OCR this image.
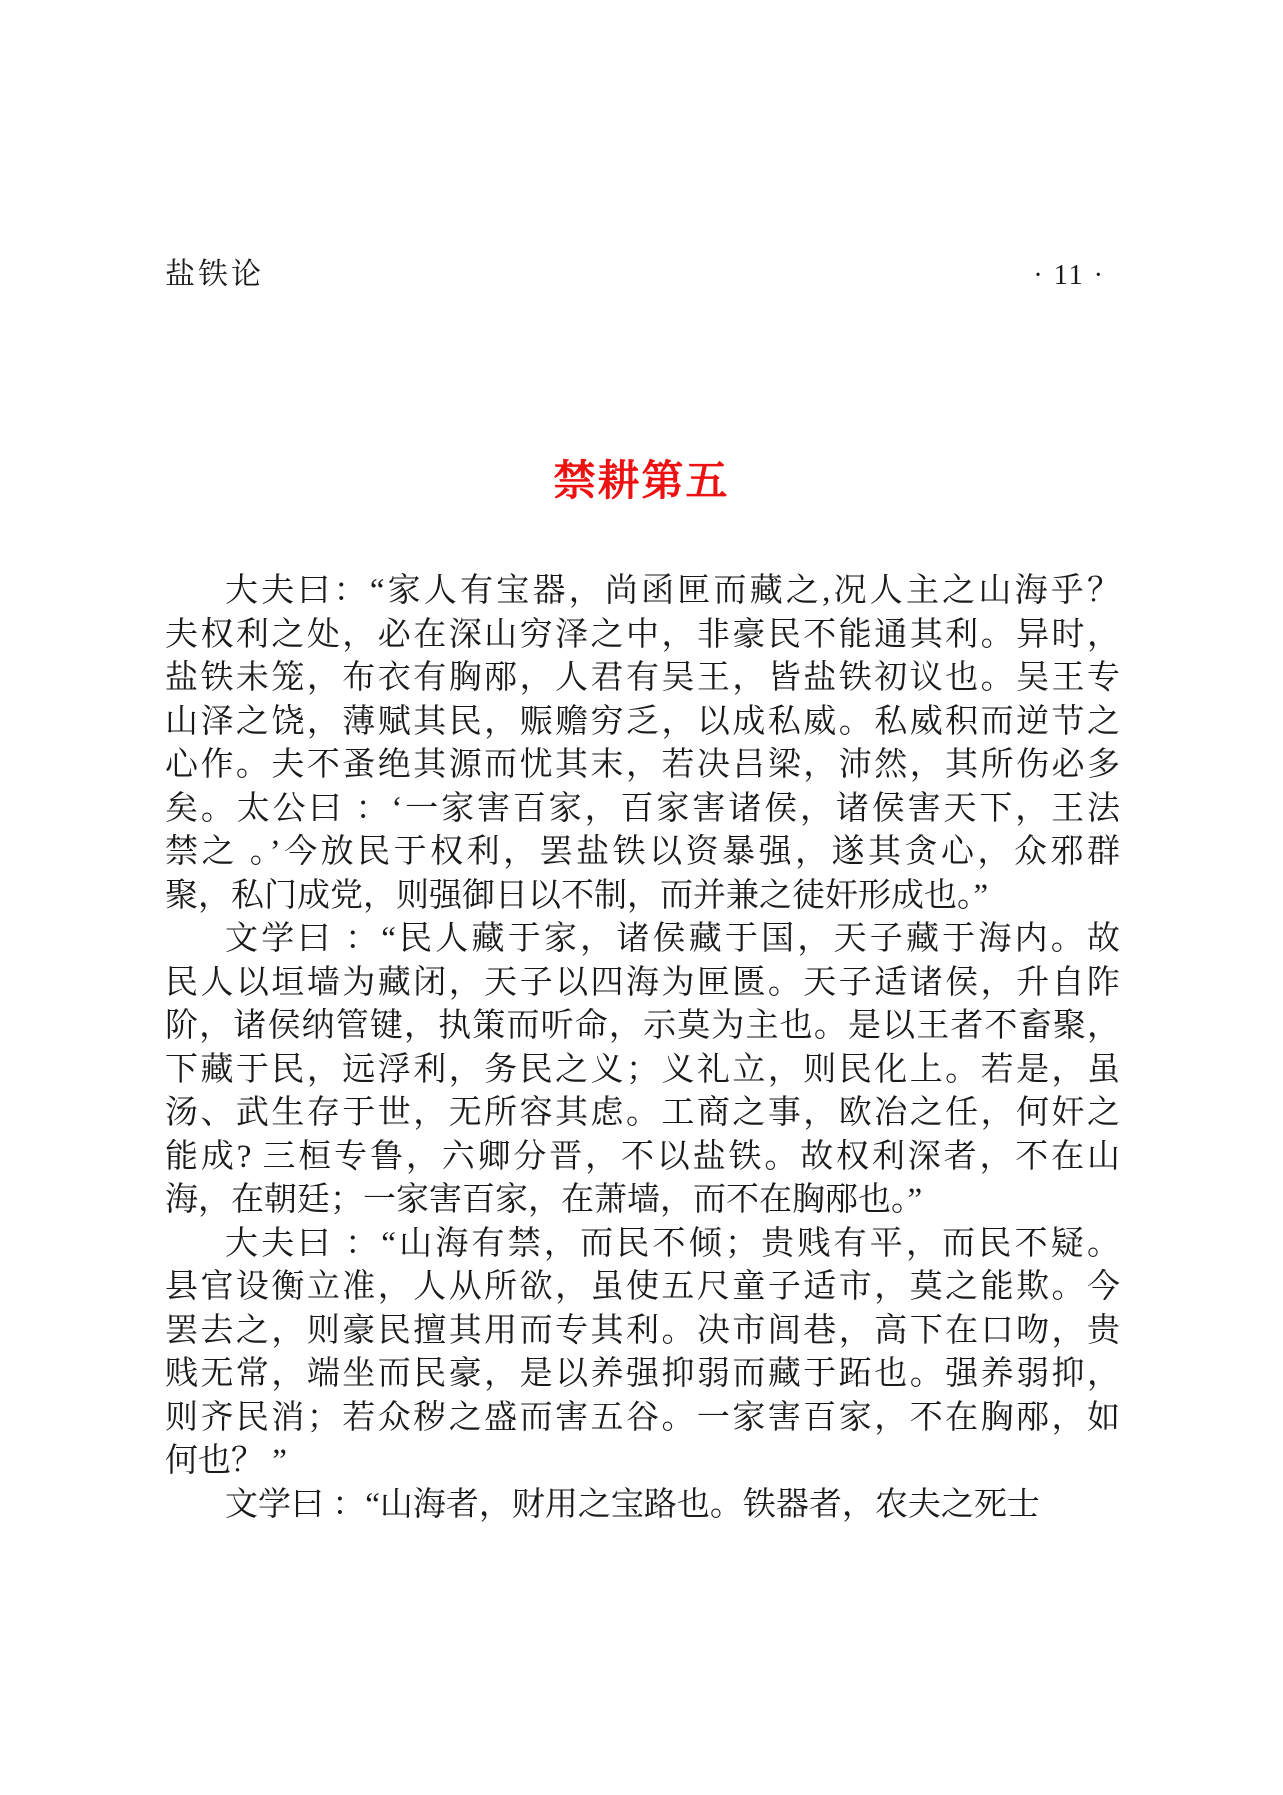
盐铁论	· 11 ·
禁耕第五
大夫曰：“家人有宝器，尚函匣而藏之,况人主之山海乎？
夫权利之处，必在深山穷泽之中，非豪民不能通其利。异时，
盐铁未笼，布衣有胸邴，人君有吴王，皆盐铁初议也。吴王专
山泽之饶，薄赋其民，赈赡穷乏，以成私威。私威积而逆节之
心作。夫不蚤绝其源而忧其末，若决吕梁，沛然，其所伤必多
矣。太公曰 ：‘一家害百家，百家害诸侯，诸侯害天下，王法
禁之 。’今放民于权利，罢盐铁以资暴强，遂其贪心，众邪群
聚，私门成党，则强御日以不制，而并兼之徒奸形成也。”
文学曰 ：“民人藏于家，诸侯藏于国，天子藏于海内。故
民人以垣墙为藏闭，天子以四海为匣匮。天子适诸侯，升自阼
阶，诸侯纳管键，执策而听命，示莫为主也。是以王者不畜聚，
下藏于民，远浮利，务民之义；义礼立，则民化上。若是，虽
汤、武生存于世，无所容其虑。工商之事，欧冶之任，何奸之
能成? 三桓专鲁，六卿分晋，不以盐铁。故权利深者，不在山
海，在朝廷；一家害百家，在萧墙，而不在胸邴也。”
大夫曰 ：“山海有禁，而民不倾；贵贱有平，而民不疑。
县官设衡立准，人从所欲，虽使五尺童子适市，莫之能欺。今
罢去之，则豪民擅其用而专其利。决市闾巷，高下在口吻，贵
贱无常，端坐而民豪，是以养强抑弱而藏于跖也。强养弱抑，
则齐民消；若众秽之盛而害五谷。一家害百家，不在胸邴，如
何也？ ”
文学曰 ：“山海者，财用之宝路也。铁器者，农夫之死士
